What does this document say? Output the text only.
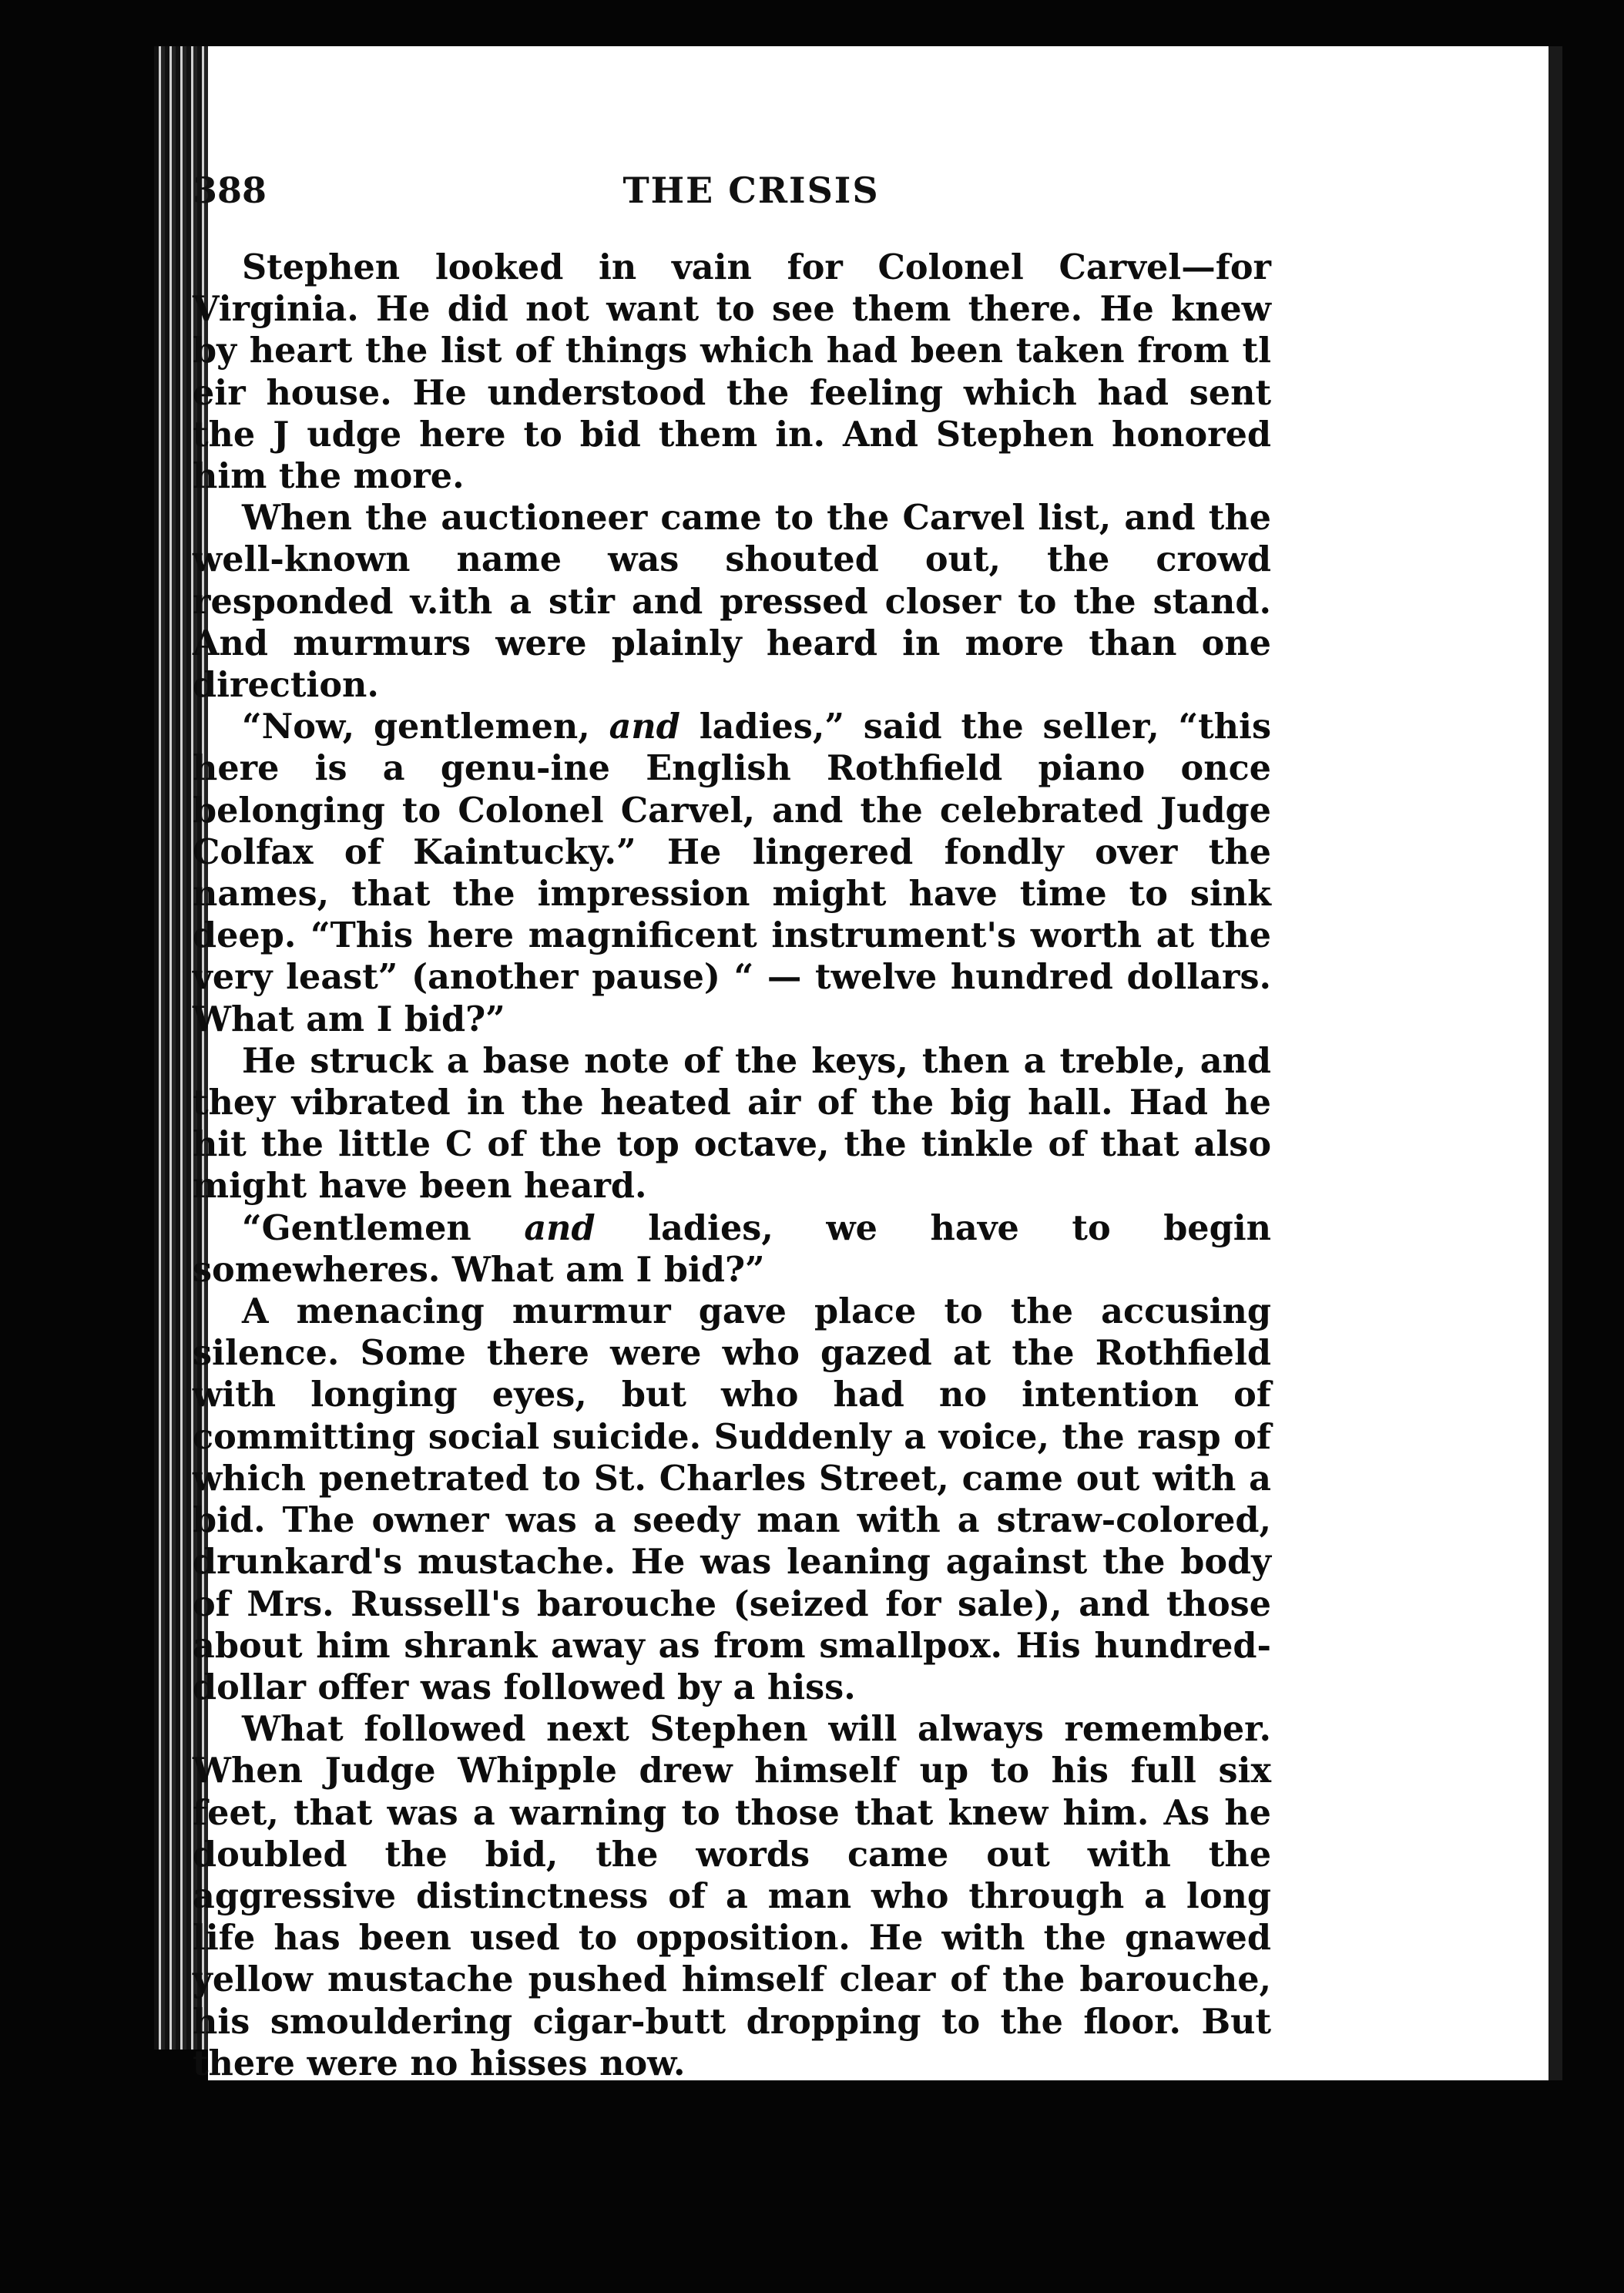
388	THE CRISIS

Stephen looked in vain for Colonel Carvel—for Virginia. He did not want to see them there. He knew by heart the list of things which had been taken from tl eir house. He understood the feeling which had sent the J udge here to bid them in. And Stephen honored him the more.

When the auctioneer came to the Carvel list, and the well-known name was shouted out, the crowd responded v.ith a stir and pressed closer to the stand. And murmurs were plainly heard in more than one direction.

“Now, gentlemen, and ladies,” said the seller, “this here is a genu-ine English Rothfield piano once belonging to Colonel Carvel, and the celebrated Judge Colfax of Kaintucky.” He lingered fondly over the names, that the impression might have time to sink deep. “This here magnificent instrument's worth at the very least” (another pause) “ — twelve hundred dollars. What am I bid?”

He struck a base note of the keys, then a treble, and they vibrated in the heated air of the big hall. Had he hit the little C of the top octave, the tinkle of that also might have been heard.

“Gentlemen and ladies, we have to begin somewheres. What am I bid?”

A menacing murmur gave place to the accusing silence. Some there were who gazed at the Rothfield with longing eyes, but who had no intention of committing social suicide. Suddenly a voice, the rasp of which penetrated to St. Charles Street, came out with a bid. The owner was a seedy man with a straw-colored, drunkard's mustache. He was leaning against the body of Mrs. Russell's barouche (seized for sale), and those about him shrank away as from smallpox. His hundred-dollar offer was followed by a hiss.

What followed next Stephen will always remember. When Judge Whipple drew himself up to his full six feet, that was a warning to those that knew him. As he doubled the bid, the words came out with the aggressive distinctness of a man who through a long life has been used to opposition. He with the gnawed yellow mustache pushed himself clear of the barouche, his smouldering cigar-butt dropping to the floor. But there were no hisses now.
